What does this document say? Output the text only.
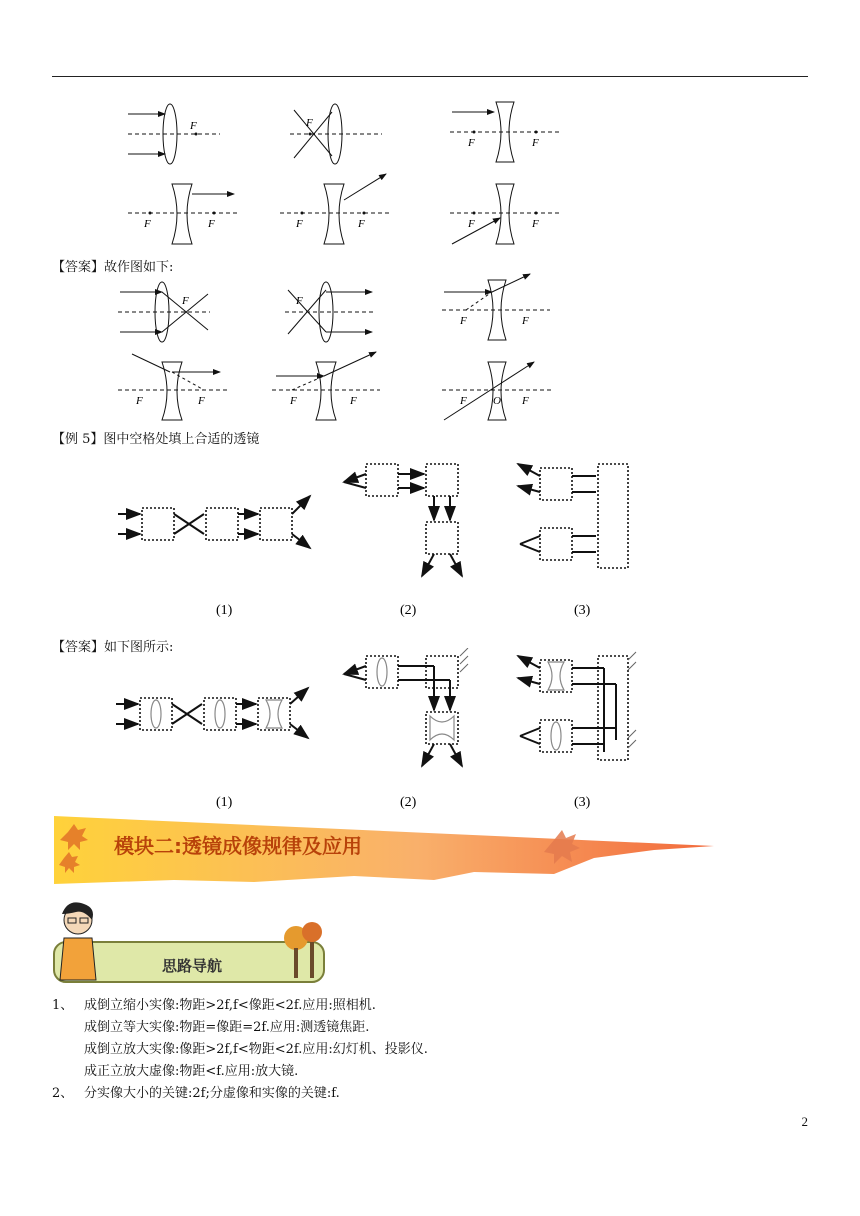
F	F
F	F
F	F	F	F	F	F
【答案】故作图如下:
F	F
F	F
F	F	F	F	F O F
【例 5】图中空格处填上合适的透镜
(1)	(2)	(3)
【答案】如下图所示:
(1)	(2)	(3)
模块二:透镜成像规律及应用
思路导航
1、 成倒立缩小实像:物距>2f,f<像距<2f.应用:照相机.
成倒立等大实像:物距=像距=2f.应用:测透镜焦距.
成倒立放大实像:像距>2f,f<物距<2f.应用:幻灯机、投影仪.
成正立放大虚像:物距<f.应用:放大镜.
2、 分实像大小的关键:2f;分虚像和实像的关键:f.
2
